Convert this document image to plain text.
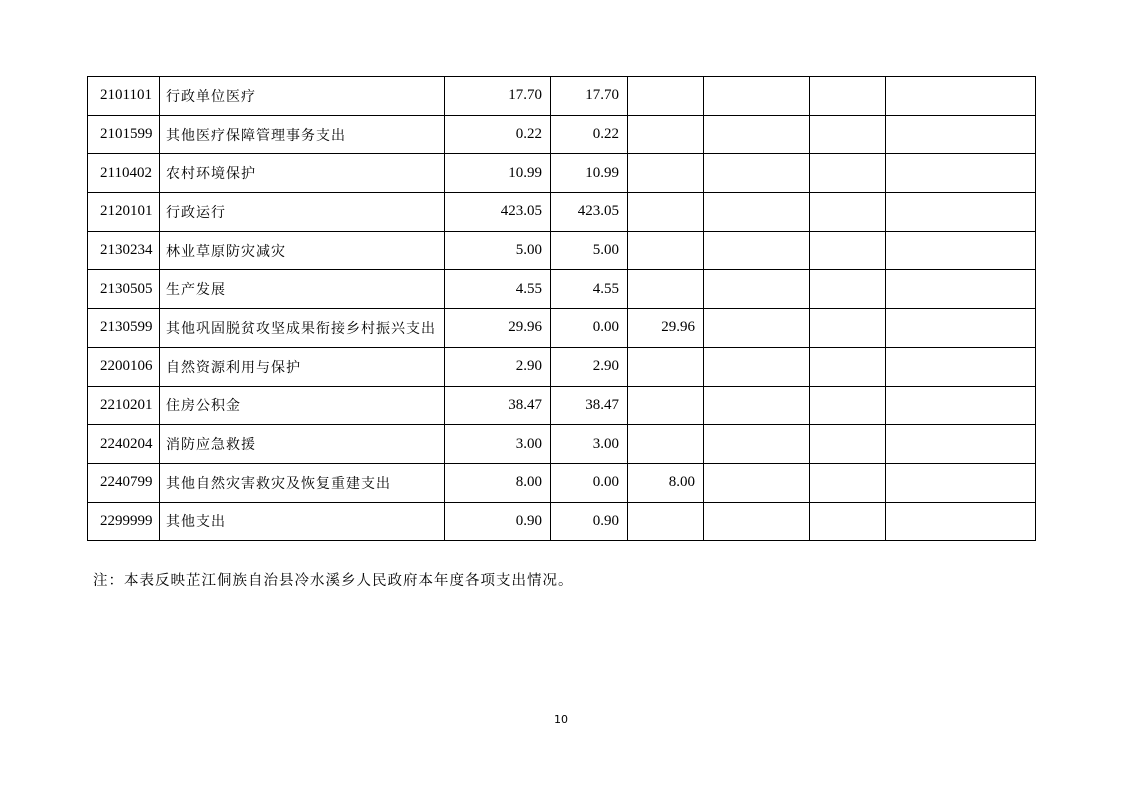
2101101	行政单位医疗	17.70	17.70				
2101599	其他医疗保障管理事务支出	0.22	0.22				
2110402	农村环境保护	10.99	10.99				
2120101	行政运行	423.05	423.05				
2130234	林业草原防灾减灾	5.00	5.00				
2130505	生产发展	4.55	4.55				
2130599	其他巩固脱贫攻坚成果衔接乡村振兴支出	29.96	0.00	29.96			
2200106	自然资源利用与保护	2.90	2.90				
2210201	住房公积金	38.47	38.47				
2240204	消防应急救援	3.00	3.00				
2240799	其他自然灾害救灾及恢复重建支出	8.00	0.00	8.00			
2299999	其他支出	0.90	0.90				
注：本表反映芷江侗族自治县冷水溪乡人民政府本年度各项支出情况。
10
